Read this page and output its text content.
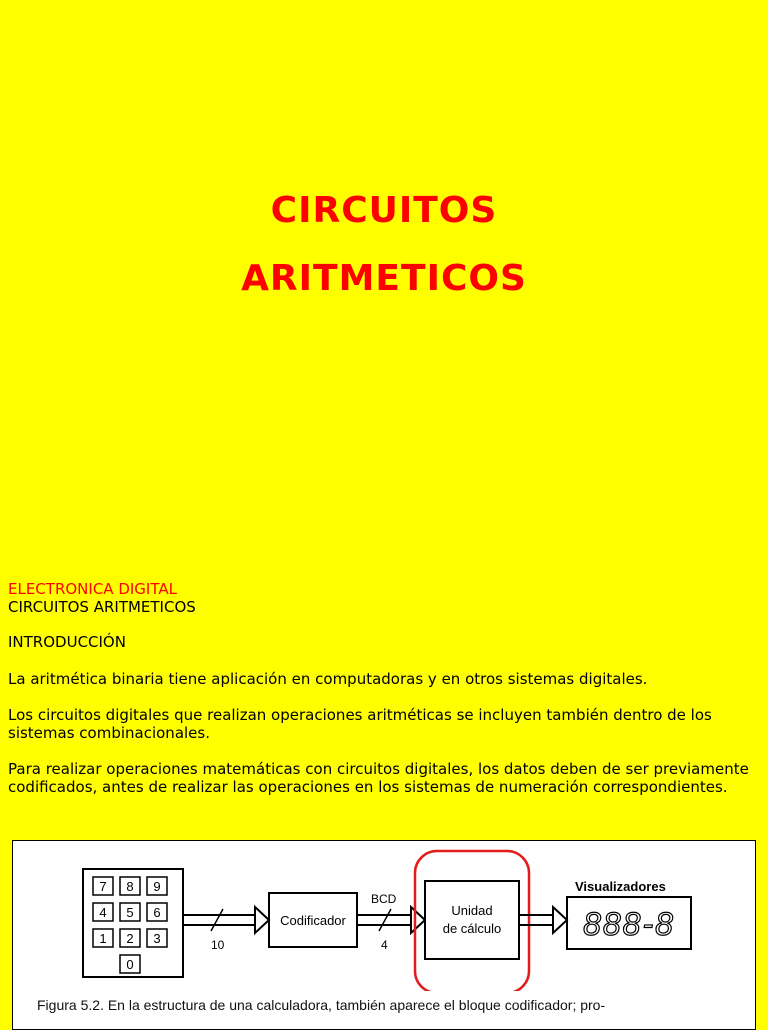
CIRCUITOS
ARITMETICOS
ELECTRONICA DIGITAL
CIRCUITOS ARITMETICOS
INTRODUCCIÓN
La aritmética binaria tiene aplicación en computadoras y en otros sistemas digitales.
Los circuitos digitales que realizan operaciones aritméticas se incluyen también dentro de los sistemas combinacionales.
Para realizar operaciones matemáticas con circuitos digitales, los datos deben de ser previamente codificados, antes de realizar las operaciones en los sistemas de numeración correspondientes.
7 8 9
4 5 6
1 2 3
0
10
Codificador
BCD
4
Unidad
de cálculo
Visualizadores
888-8
Figura 5.2. En la estructura de una calculadora, también aparece el bloque codificador; pro-
